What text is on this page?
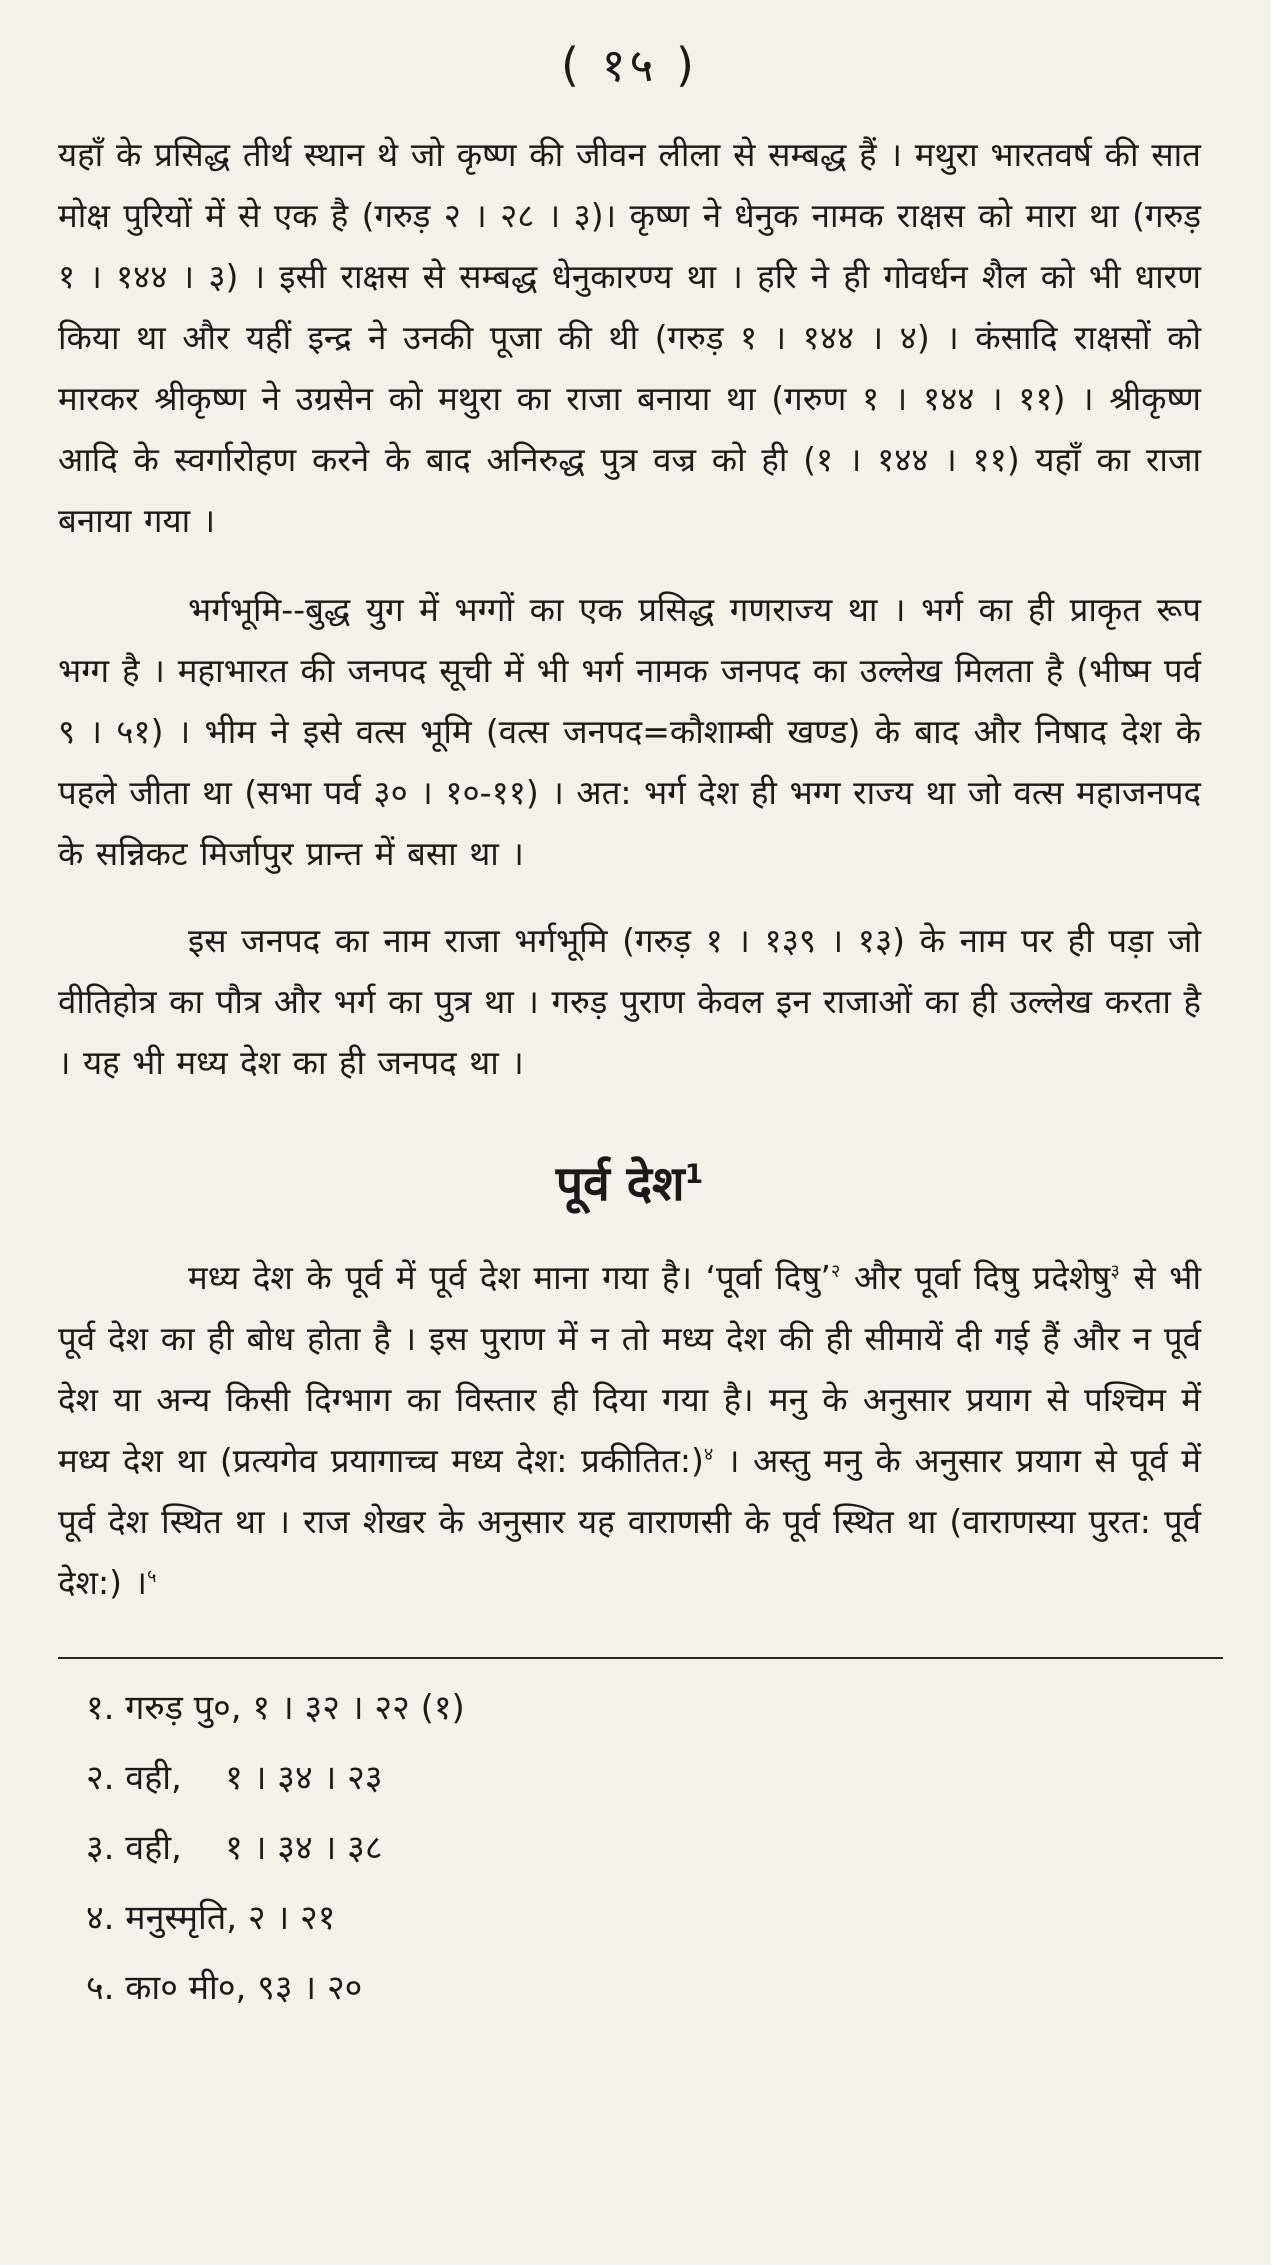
( १५ )

यहाँ के प्रसिद्ध तीर्थ स्थान थे जो कृष्ण की जीवन लीला से सम्बद्ध हैं । मथुरा भारतवर्ष की सात मोक्ष पुरियों में से एक है (गरुड़ २ । २८ । ३)। कृष्ण ने धेनुक नामक राक्षस को मारा था (गरुड़ १ । १४४ । ३) । इसी राक्षस से सम्बद्ध धेनुकारण्य था । हरि ने ही गोवर्धन शैल को भी धारण किया था और यहीं इन्द्र ने उनकी पूजा की थी (गरुड़ १ । १४४ । ४) । कंसादि राक्षसों को मारकर श्रीकृष्ण ने उग्रसेन को मथुरा का राजा बनाया था (गरुण १ । १४४ । ११) । श्रीकृष्ण आदि के स्वर्गारोहण करने के बाद अनिरुद्ध पुत्र वज्र को ही (१ । १४४ । ११) यहाँ का राजा बनाया गया ।

भर्गभूमि--बुद्ध युग में भग्गों का एक प्रसिद्ध गणराज्य था । भर्ग का ही प्राकृत रूप भग्ग है । महाभारत की जनपद सूची में भी भर्ग नामक जनपद का उल्लेख मिलता है (भीष्म पर्व ९ । ५१) । भीम ने इसे वत्स भूमि (वत्स जनपद=कौशाम्बी खण्ड) के बाद और निषाद देश के पहले जीता था (सभा पर्व ३० । १०-११) । अत: भर्ग देश ही भग्ग राज्य था जो वत्स महाजनपद के सन्निकट मिर्जापुर प्रान्त में बसा था ।

इस जनपद का नाम राजा भर्गभूमि (गरुड़ १ । १३९ । १३) के नाम पर ही पड़ा जो वीतिहोत्र का पौत्र और भर्ग का पुत्र था । गरुड़ पुराण केवल इन राजाओं का ही उल्लेख करता है । यह भी मध्य देश का ही जनपद था ।

पूर्व देश$^1$

मध्य देश के पूर्व में पूर्व देश माना गया है। ‘पूर्वा दिषु’$^२$ और पूर्वा दिषु प्रदेशेषु$^३$ से भी पूर्व देश का ही बोध होता है । इस पुराण में न तो मध्य देश की ही सीमायें दी गई हैं और न पूर्व देश या अन्य किसी दिग्भाग का विस्तार ही दिया गया है। मनु के अनुसार प्रयाग से पश्चिम में मध्य देश था (प्रत्यगेव प्रयागाच्च मध्य देश: प्रकीतित:)$^४$ । अस्तु मनु के अनुसार प्रयाग से पूर्व में पूर्व देश स्थित था । राज शेखर के अनुसार यह वाराणसी के पूर्व स्थित था (वाराणस्या पुरत: पूर्व देश:) ।$^५$

१. गरुड़ पु०, १ । ३२ । २२ (१)
२. वही,    १ । ३४ । २३
३. वही,    १ । ३४ । ३८
४. मनुस्मृति, २ । २१
५. का० मी०, ९३ । २०
